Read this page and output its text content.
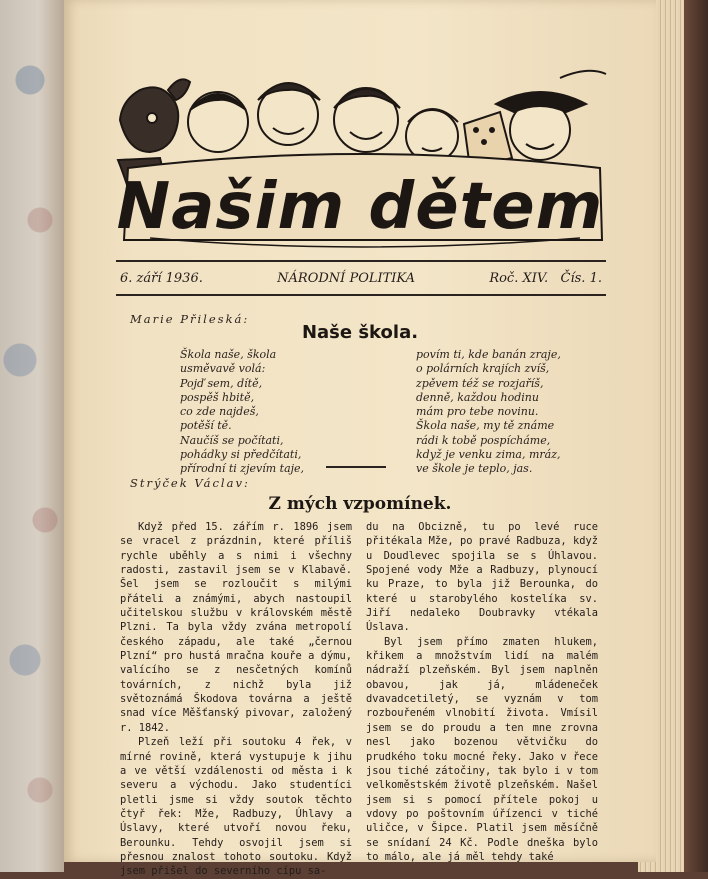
Našim dětem
6. září 1936.	NÁRODNÍ POLITIKA	Roč. XIV. Čís. 1.
Marie Přileská:
Naše škola.
Škola naše, škola
usměvavě volá:
Pojď sem, dítě,
pospěš hbitě,
co zde najdeš,
potěší tě.
Naučíš se počítati,
pohádky si předčítati,
přírodní ti zjevím taje,
povím ti, kde banán zraje,
o polárních krajích zvíš,
zpěvem též se rozjaříš,
denně, každou hodinu
mám pro tebe novinu.
Škola naše, my tě známe
rádi k tobě pospícháme,
když je venku zima, mráz,
ve škole je teplo, jas.
Strýček Václav:
Z mých vzpomínek.

Když před 15. zářím r. 1896 jsem se vracel z prázdnin, které příliš rychle uběhly a s nimi i všechny radosti, zastavil jsem se v Klabavě. Šel jsem se rozloučit s milými přáteli a známými, abych nastoupil učitelskou službu v královském městě Plzni. Ta byla vždy zvána metropolí českého západu, ale také „černou Plzní“ pro hustá mračna kouře a dýmu, valícího se z nesčetných komínů továrních, z nichž byla již světoznámá Škodova továrna a ještě snad více Měšťanský pivovar, založený r. 1842.

Plzeň leží při soutoku 4 řek, v mírné rovině, která vystupuje k jihu a ve větší vzdálenosti od města i k severu a východu. Jako studentíci pletli jsme si vždy soutok těchto čtyř řek: Mže, Radbuzy, Úhlavy a Úslavy, které utvoří novou řeku, Berounku. Tehdy osvojil jsem si přesnou znalost tohoto soutoku. Když jsem přišel do severního cípu sa-

du na Obcizně, tu po levé ruce přitékala Mže, po pravé Radbuza, když u Doudlevec spojila se s Úhlavou. Spojené vody Mže a Radbuzy, plynoucí ku Praze, to byla již Berounka, do které u starobylého kostelíka sv. Jiří nedaleko Doubravky vtékala Úslava.

Byl jsem přímo zmaten hlukem, křikem a množstvím lidí na malém nádraží plzeňském. Byl jsem naplněn obavou, jak já, mládeneček dvavadcetiletý, se vyznám v tom rozbouřeném vlnobití života. Vmísil jsem se do proudu a ten mne zrovna nesl jako bozenou větvičku do prudkého toku mocné řeky. Jako v řece jsou tiché zátočiny, tak bylo i v tom velkoměstském životě plzeňském. Našel jsem si s pomocí přítele pokoj u vdovy po poštovním úřízenci v tiché uličce, v Šipce. Platil jsem měsíčně se snídaní 24 Kč. Podle dneška bylo to málo, ale já měl tehdy také
